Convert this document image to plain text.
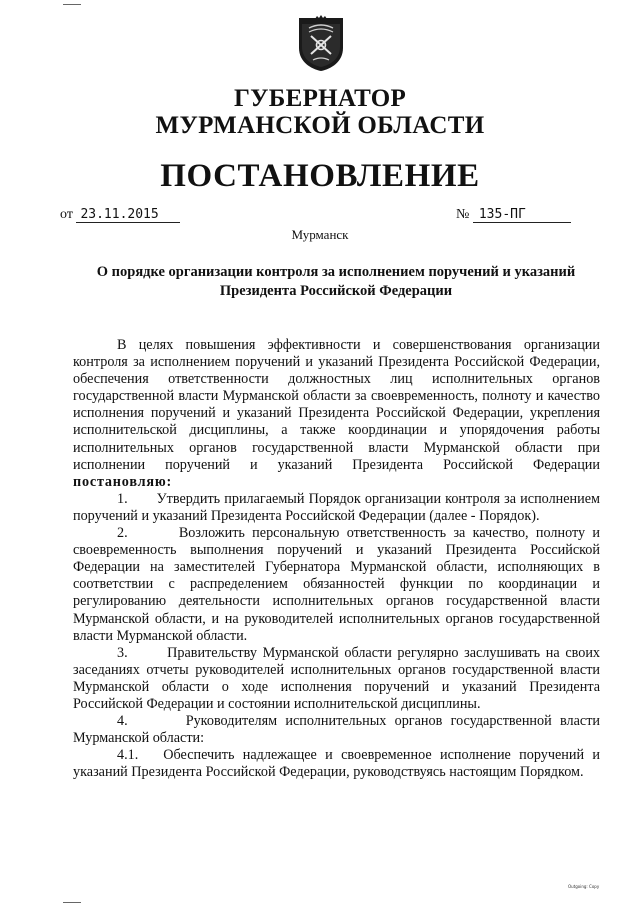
ГУБЕРНАТОР
МУРМАНСКОЙ ОБЛАСТИ
ПОСТАНОВЛЕНИЕ
от 23.11.2015	№ 135-ПГ
Мурманск
О порядке организации контроля за исполнением поручений и указаний Президента Российской Федерации

В целях повышения эффективности и совершенствования организации контроля за исполнением поручений и указаний Президента Российской Федерации, обеспечения ответственности должностных лиц исполнительных органов государственной власти Мурманской области за своевременность, полноту и качество исполнения поручений и указаний Президента Российской Федерации, укрепления исполнительской дисциплины, а также координации и упорядочения работы исполнительных органов государственной власти Мурманской области при исполнении поручений и указаний Президента Российской Федерации постановляю:

1.       Утвердить прилагаемый Порядок организации контроля за исполнением поручений и указаний Президента Российской Федерации (далее - Порядок).

2.       Возложить персональную ответственность за качество, полноту и своевременность выполнения поручений и указаний Президента Российской Федерации на заместителей Губернатора Мурманской области, исполняющих в соответствии с распределением обязанностей функции по координации и регулированию деятельности исполнительных органов государственной власти Мурманской области, и на руководителей исполнительных органов государственной власти Мурманской области.

3.       Правительству Мурманской области регулярно заслушивать на своих заседаниях отчеты руководителей исполнительных органов государственной власти Мурманской области о ходе исполнения поручений и указаний Президента Российской Федерации и состоянии исполнительской дисциплины.

4.       Руководителям исполнительных органов государственной власти Мурманской области:

4.1.   Обеспечить надлежащее и своевременное исполнение поручений и указаний Президента Российской Федерации, руководствуясь настоящим Порядком.

Outgoing: Copy
